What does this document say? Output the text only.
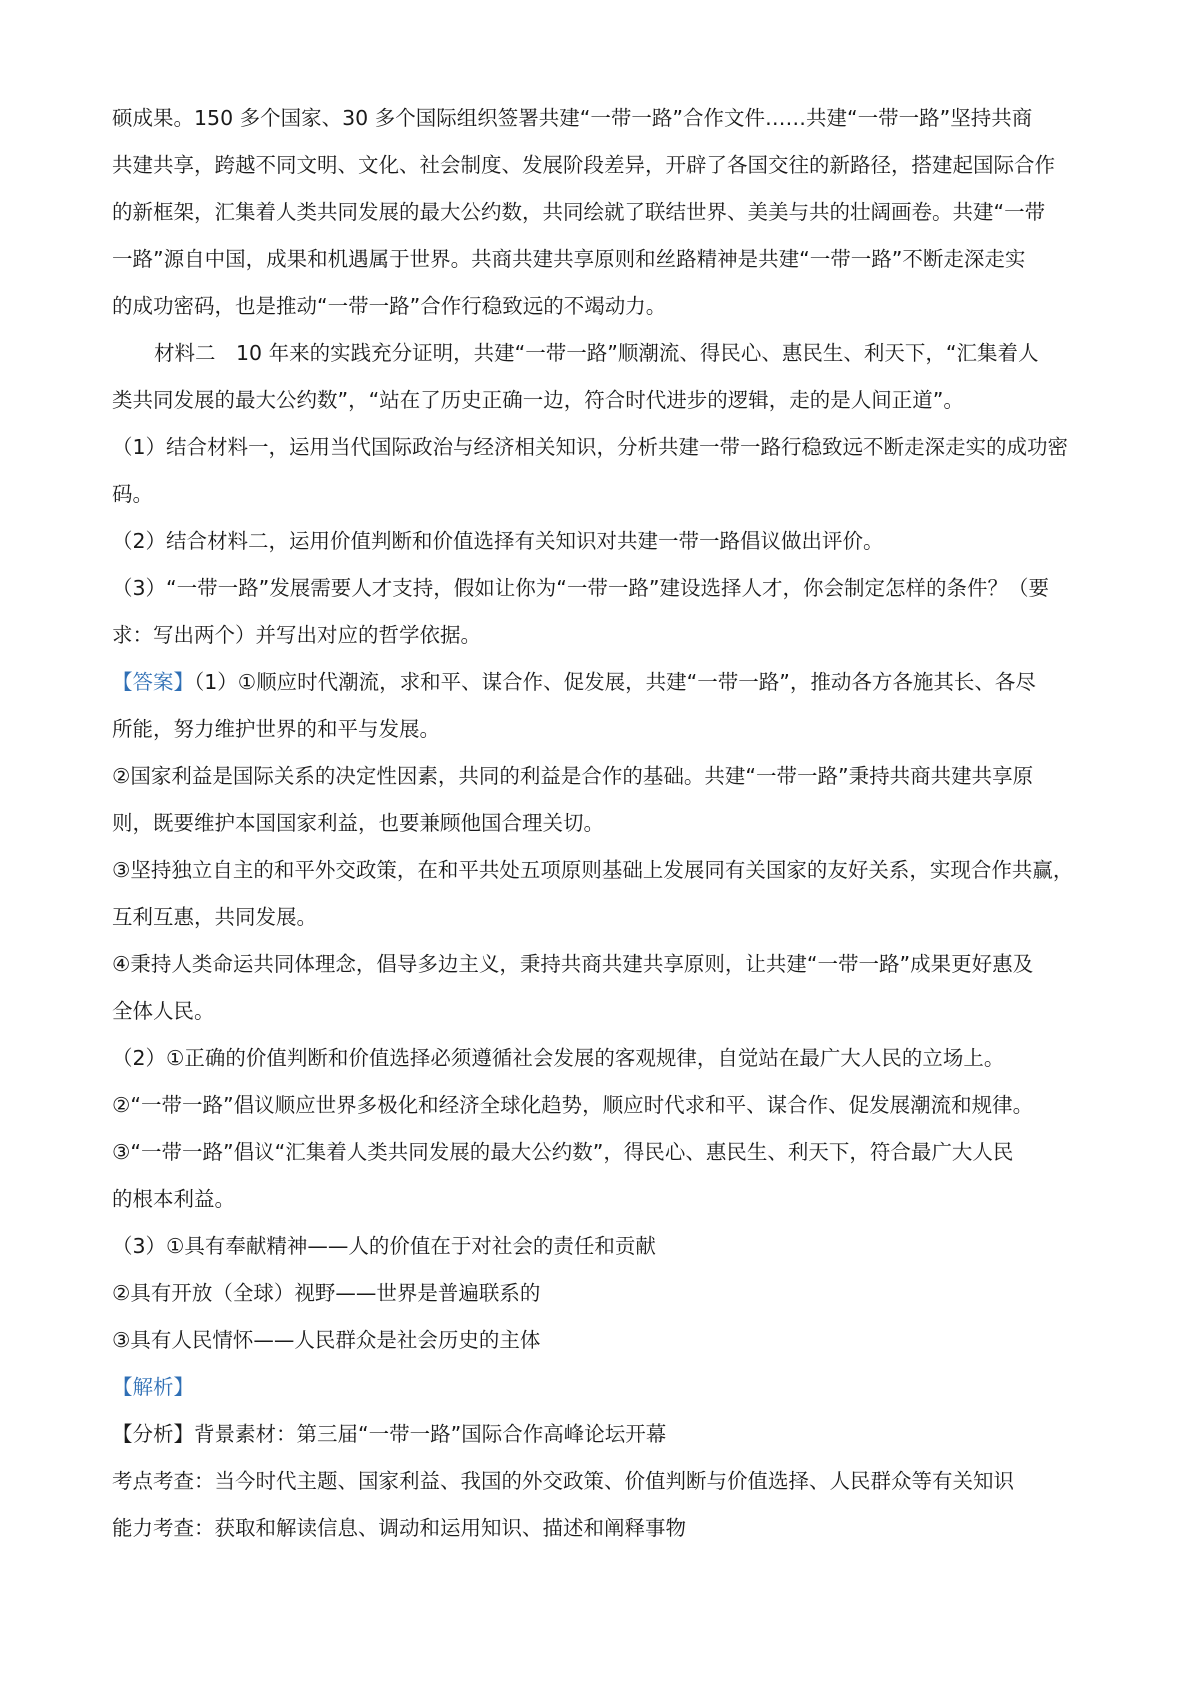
硕成果。150 多个国家、30 多个国际组织签署共建“一带一路”合作文件……共建“一带一路”坚持共商

共建共享，跨越不同文明、文化、社会制度、发展阶段差异，开辟了各国交往的新路径，搭建起国际合作

的新框架，汇集着人类共同发展的最大公约数，共同绘就了联结世界、美美与共的壮阔画卷。共建“一带

一路”源自中国，成果和机遇属于世界。共商共建共享原则和丝路精神是共建“一带一路”不断走深走实

的成功密码，也是推动“一带一路”合作行稳致远的不竭动力。

材料二　10 年来的实践充分证明，共建“一带一路”顺潮流、得民心、惠民生、利天下，“汇集着人

类共同发展的最大公约数”，“站在了历史正确一边，符合时代进步的逻辑，走的是人间正道”。

（1）结合材料一，运用当代国际政治与经济相关知识，分析共建一带一路行稳致远不断走深走实的成功密

码。

（2）结合材料二，运用价值判断和价值选择有关知识对共建一带一路倡议做出评价。

（3）“一带一路”发展需要人才支持，假如让你为“一带一路”建设选择人才，你会制定怎样的条件？（要

求：写出两个）并写出对应的哲学依据。

【答案】（1）①顺应时代潮流，求和平、谋合作、促发展，共建“一带一路”，推动各方各施其长、各尽

所能，努力维护世界的和平与发展。

②国家利益是国际关系的决定性因素，共同的利益是合作的基础。共建“一带一路”秉持共商共建共享原

则，既要维护本国国家利益，也要兼顾他国合理关切。

③坚持独立自主的和平外交政策，在和平共处五项原则基础上发展同有关国家的友好关系，实现合作共赢，

互利互惠，共同发展。

④秉持人类命运共同体理念，倡导多边主义，秉持共商共建共享原则，让共建“一带一路”成果更好惠及

全体人民。

（2）①正确的价值判断和价值选择必须遵循社会发展的客观规律，自觉站在最广大人民的立场上。

②“一带一路”倡议顺应世界多极化和经济全球化趋势，顺应时代求和平、谋合作、促发展潮流和规律。

③“一带一路”倡议“汇集着人类共同发展的最大公约数”，得民心、惠民生、利天下，符合最广大人民

的根本利益。

（3）①具有奉献精神——人的价值在于对社会的责任和贡献

②具有开放（全球）视野——世界是普遍联系的

③具有人民情怀——人民群众是社会历史的主体

【解析】

【分析】背景素材：第三届“一带一路”国际合作高峰论坛开幕

考点考查：当今时代主题、国家利益、我国的外交政策、价值判断与价值选择、人民群众等有关知识

能力考查：获取和解读信息、调动和运用知识、描述和阐释事物
